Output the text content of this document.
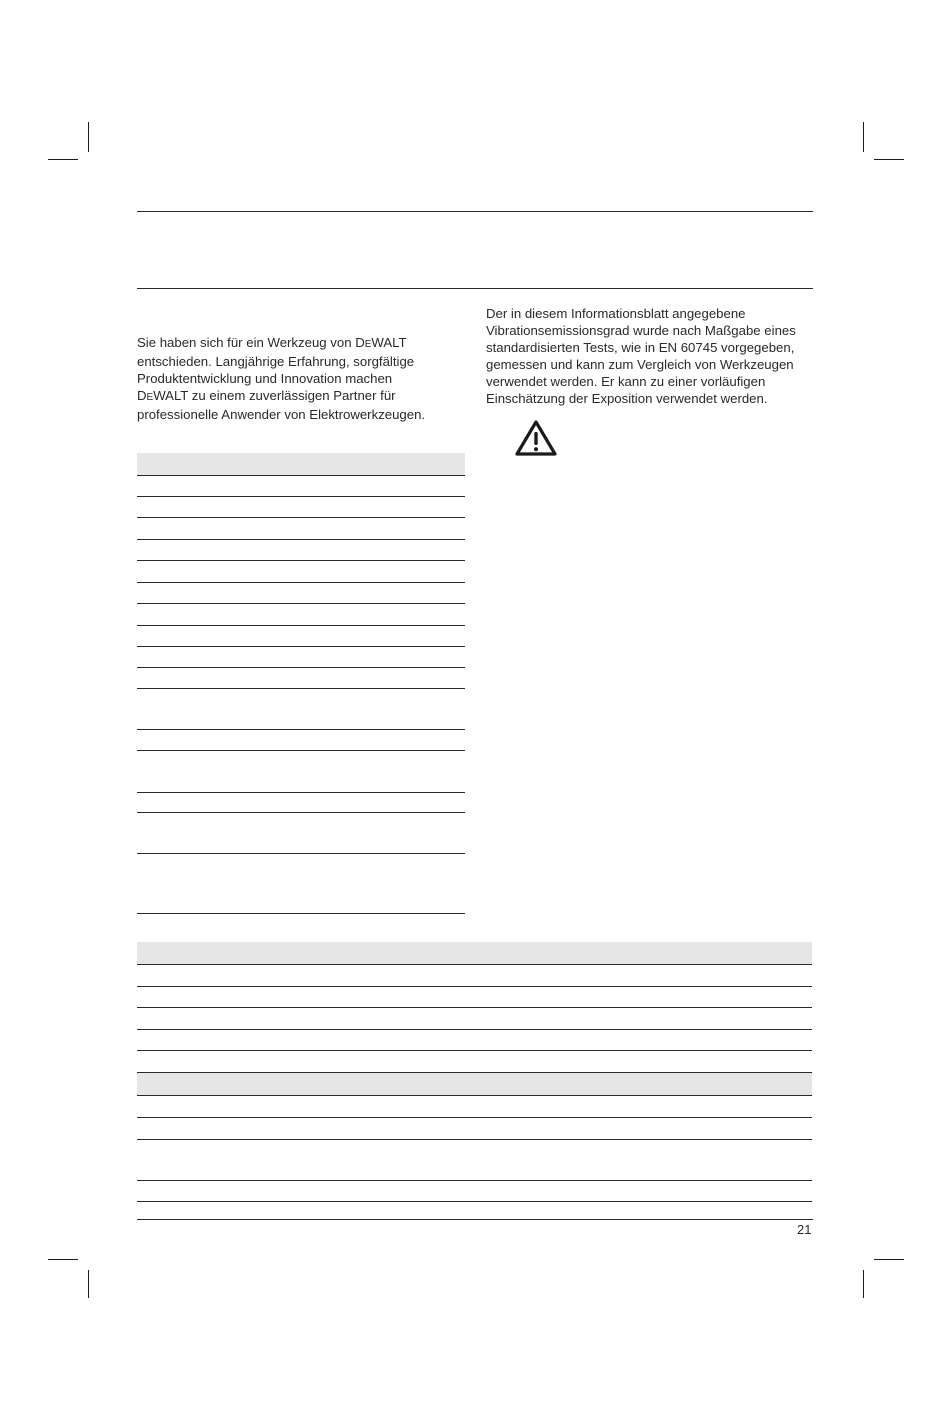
Sie haben sich für ein Werkzeug von DEWALT
entschieden. Langjährige Erfahrung, sorgfältige
Produktentwicklung und Innovation machen
DEWALT zu einem zuverlässigen Partner für
professionelle Anwender von Elektrowerkzeugen.
Der in diesem Informationsblatt angegebene
Vibrationsemissionsgrad wurde nach Maßgabe eines
standardisierten Tests, wie in EN 60745 vorgegeben,
gemessen und kann zum Vergleich von Werkzeugen
verwendet werden. Er kann zu einer vorläufigen
Einschätzung der Exposition verwendet werden.
21
